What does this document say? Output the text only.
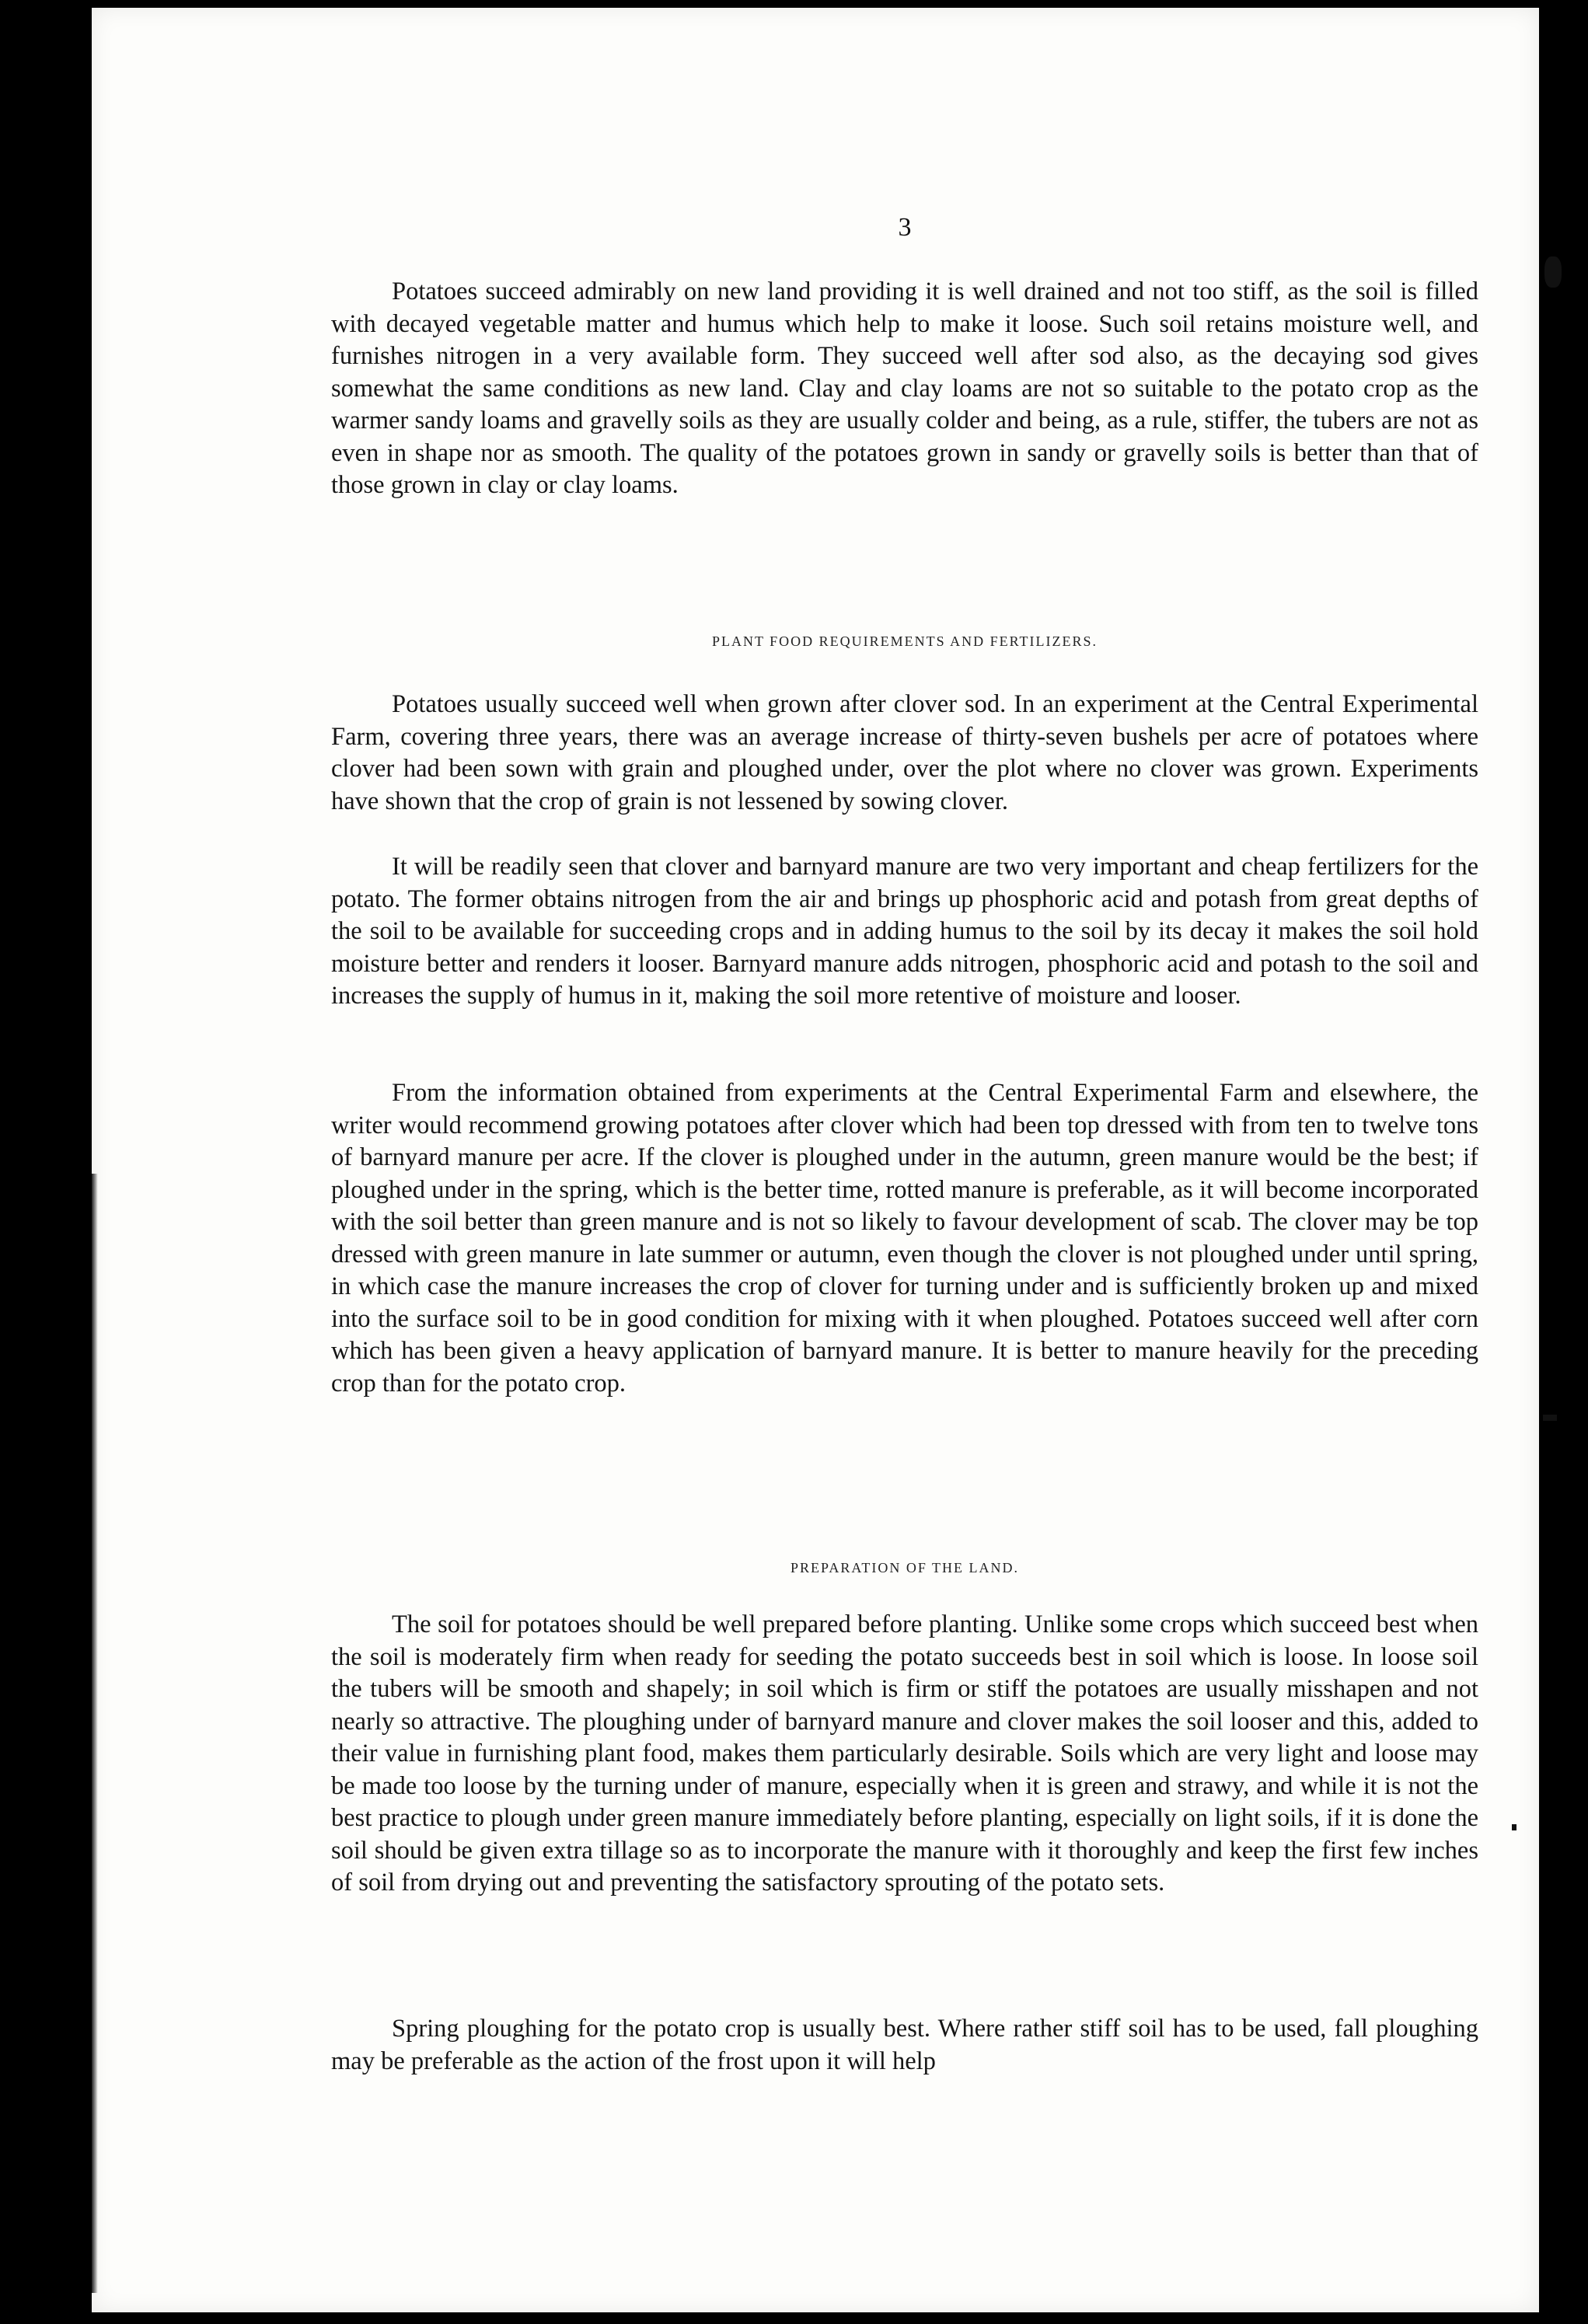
3

Potatoes succeed admirably on new land providing it is well drained and not too stiff, as the soil is filled with decayed vegetable matter and humus which help to make it loose. Such soil retains moisture well, and furnishes nitrogen in a very available form. They succeed well after sod also, as the decaying sod gives somewhat the same conditions as new land. Clay and clay loams are not so suitable to the potato crop as the warmer sandy loams and gravelly soils as they are usually colder and being, as a rule, stiffer, the tubers are not as even in shape nor as smooth. The quality of the potatoes grown in sandy or gravelly soils is better than that of those grown in clay or clay loams.

PLANT FOOD REQUIREMENTS AND FERTILIZERS.

Potatoes usually succeed well when grown after clover sod. In an experiment at the Central Experimental Farm, covering three years, there was an average increase of thirty-seven bushels per acre of potatoes where clover had been sown with grain and ploughed under, over the plot where no clover was grown. Experiments have shown that the crop of grain is not lessened by sowing clover.

It will be readily seen that clover and barnyard manure are two very important and cheap fertilizers for the potato. The former obtains nitrogen from the air and brings up phosphoric acid and potash from great depths of the soil to be available for succeeding crops and in adding humus to the soil by its decay it makes the soil hold moisture better and renders it looser. Barnyard manure adds nitrogen, phosphoric acid and potash to the soil and increases the supply of humus in it, making the soil more retentive of moisture and looser.

From the information obtained from experiments at the Central Experimental Farm and elsewhere, the writer would recommend growing potatoes after clover which had been top dressed with from ten to twelve tons of barnyard manure per acre. If the clover is ploughed under in the autumn, green manure would be the best; if ploughed under in the spring, which is the better time, rotted manure is preferable, as it will become incorporated with the soil better than green manure and is not so likely to favour development of scab. The clover may be top dressed with green manure in late summer or autumn, even though the clover is not ploughed under until spring, in which case the manure increases the crop of clover for turning under and is sufficiently broken up and mixed into the surface soil to be in good condition for mixing with it when ploughed. Potatoes succeed well after corn which has been given a heavy application of barnyard manure. It is better to manure heavily for the preceding crop than for the potato crop.

PREPARATION OF THE LAND.

The soil for potatoes should be well prepared before planting. Unlike some crops which succeed best when the soil is moderately firm when ready for seeding the potato succeeds best in soil which is loose. In loose soil the tubers will be smooth and shapely; in soil which is firm or stiff the potatoes are usually misshapen and not nearly so attractive. The ploughing under of barnyard manure and clover makes the soil looser and this, added to their value in furnishing plant food, makes them particularly desirable. Soils which are very light and loose may be made too loose by the turning under of manure, especially when it is green and strawy, and while it is not the best practice to plough under green manure immediately before planting, especially on light soils, if it is done the soil should be given extra tillage so as to incorporate the manure with it thoroughly and keep the first few inches of soil from drying out and preventing the satisfactory sprouting of the potato sets.

Spring ploughing for the potato crop is usually best. Where rather stiff soil has to be used, fall ploughing may be preferable as the action of the frost upon it will help
